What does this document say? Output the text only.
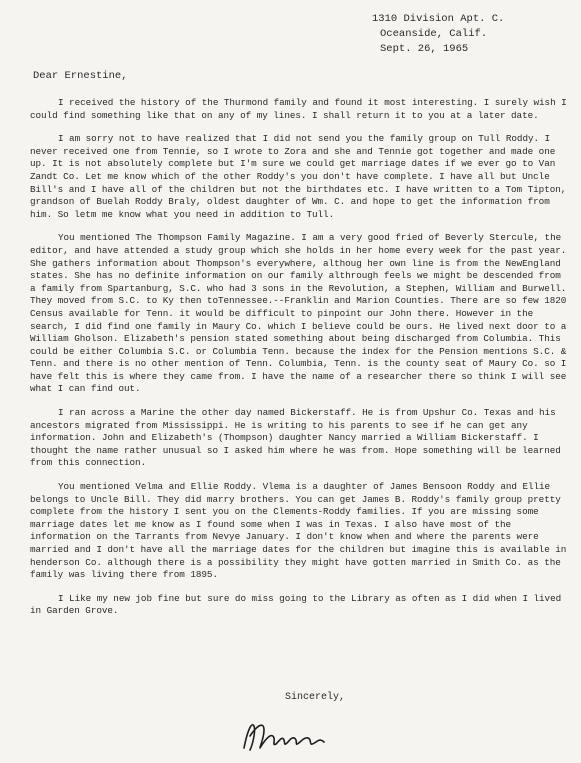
1310 Division Apt. C.
Oceanside, Calif.
Sept. 26, 1965
Dear Ernestine,

I received the history of the Thurmond family and found it most interesting. I surely wish I could find something like that on any of my lines. I shall return it to you at a later date.

I am sorry not to have realized that I did not send you the family group on Tull Roddy. I never received one from Tennie, so I wrote to Zora and she and Tennie got together and made one up. It is not absolutely complete but I'm sure we could get marriage dates if we ever go to Van Zandt Co. Let me know which of the other Roddy's you don't have complete. I have all but Uncle Bill's and I have all of the children but not the birthdates etc. I have written to a Tom Tipton, grandson of Buelah Roddy Braly, oldest daughter of Wm. C. and hope to get the information from him. So letm me know what you need in addition to Tull.

You mentioned The Thompson Family Magazine. I am a very good fried of Beverly Stercule, the editor, and have attended a study group which she holds in her home every week for the past year. She gathers information about Thompson's everywhere, althoug her own line is from the NewEngland states. She has no definite information on our family althrough feels we might be descended from a family from Spartanburg, S.C. who had 3 sons in the Revolution, a Stephen, William and Burwell. They moved from S.C. to Ky then toTennessee.--Franklin and Marion Counties. There are so few 1820 Census available for Tenn. it would be difficult to pinpoint our John there. However in the search, I did find one family in Maury Co. which I believe could be ours. He lived next door to a William Gholson. Elizabeth's pension stated something about being discharged from Columbia. This could be either Columbia S.C. or Columbia Tenn. because the index for the Pension mentions S.C. & Tenn. and there is no other mention of Tenn. Columbia, Tenn. is the county seat of Maury Co. so I have felt this is where they came from. I have the name of a researcher there so think I will see what I can find out.

I ran across a Marine the other day named Bickerstaff. He is from Upshur Co. Texas and his ancestors migrated from Mississippi. He is writing to his parents to see if he can get any information. John and Elizabeth's (Thompson) daughter Nancy married a William Bickerstaff. I thought the name rather unusual so I asked him where he was from. Hope something will be learned from this connection.

You mentioned Velma and Ellie Roddy. Vlema is a daughter of James Bensoon Roddy and Ellie belongs to Uncle Bill. They did marry brothers. You can get James B. Roddy's family group pretty complete from the history I sent you on the Clements-Roddy families. If you are missing some marriage dates let me know as I found some when I was in Texas. I also have most of the information on the Tarrants from Nevye January. I don't know when and where the parents were married and I don't have all the marriage dates for the children but imagine this is available in henderson Co. although there is a possibility they might have gotten married in Smith Co. as the family was living there from 1895.

I Like my new job fine but sure do miss going to the Library as often as I did when I lived in Garden Grove.

Sincerely,
